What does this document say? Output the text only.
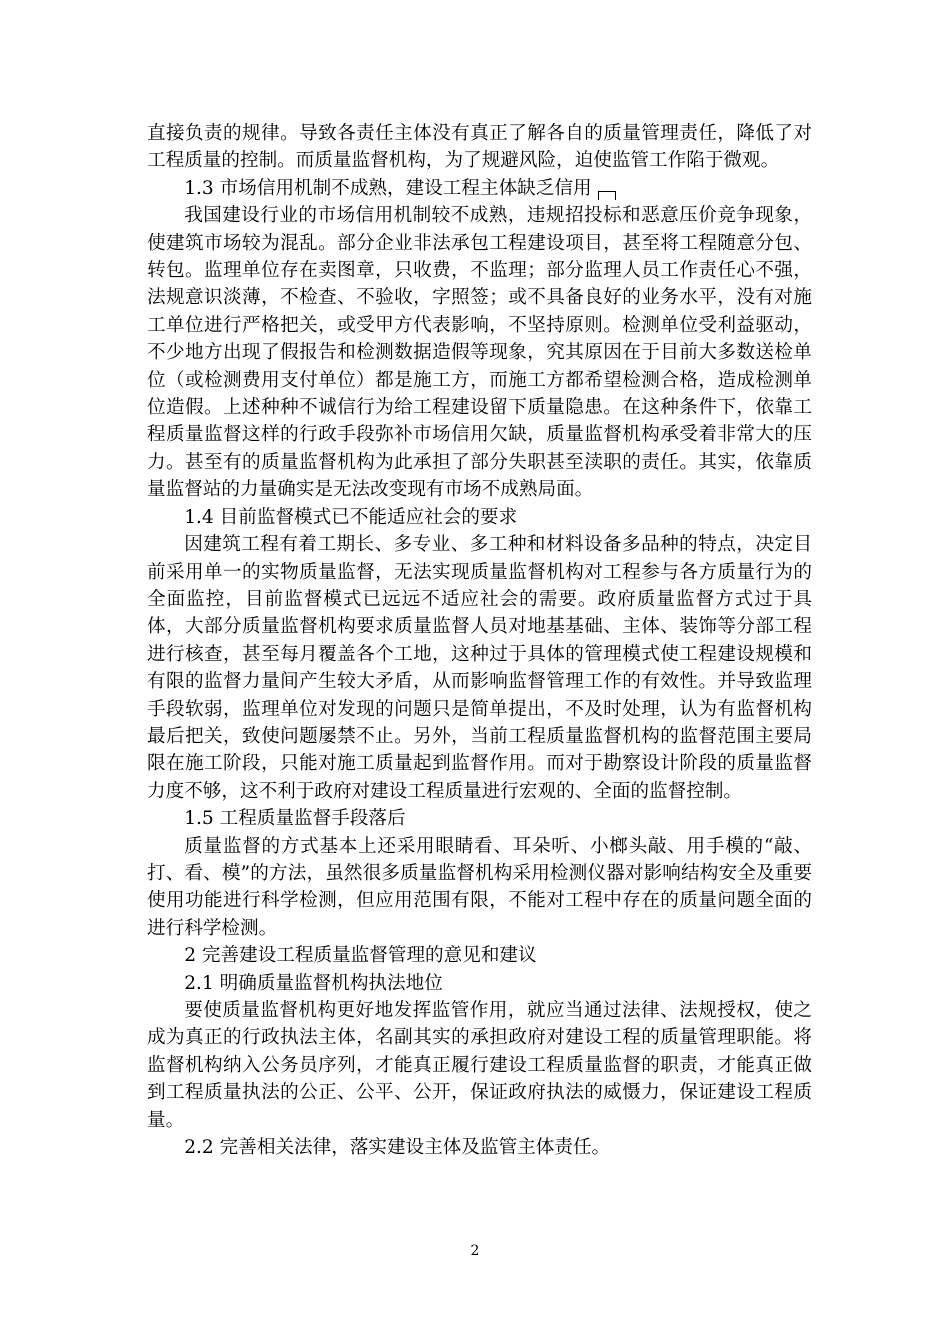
直接负责的规律。导致各责任主体没有真正了解各自的质量管理责任，降低了对工程质量的控制。而质量监督机构，为了规避风险，迫使监管工作陷于微观。

1.3 市场信用机制不成熟，建设工程主体缺乏信用

我国建设行业的市场信用机制较不成熟，违规招投标和恶意压价竞争现象，使建筑市场较为混乱。部分企业非法承包工程建设项目，甚至将工程随意分包、转包。监理单位存在卖图章，只收费，不监理；部分监理人员工作责任心不强，法规意识淡薄，不检查、不验收，字照签；或不具备良好的业务水平，没有对施工单位进行严格把关，或受甲方代表影响，不坚持原则。检测单位受利益驱动，不少地方出现了假报告和检测数据造假等现象，究其原因在于目前大多数送检单位（或检测费用支付单位）都是施工方，而施工方都希望检测合格，造成检测单位造假。上述种种不诚信行为给工程建设留下质量隐患。在这种条件下，依靠工程质量监督这样的行政手段弥补市场信用欠缺，质量监督机构承受着非常大的压力。甚至有的质量监督机构为此承担了部分失职甚至渎职的责任。其实，依靠质量监督站的力量确实是无法改变现有市场不成熟局面。

1.4 目前监督模式已不能适应社会的要求

因建筑工程有着工期长、多专业、多工种和材料设备多品种的特点，决定目前采用单一的实物质量监督，无法实现质量监督机构对工程参与各方质量行为的全面监控，目前监督模式已远远不适应社会的需要。政府质量监督方式过于具体，大部分质量监督机构要求质量监督人员对地基基础、主体、装饰等分部工程进行核查，甚至每月覆盖各个工地，这种过于具体的管理模式使工程建设规模和有限的监督力量间产生较大矛盾，从而影响监督管理工作的有效性。并导致监理手段软弱，监理单位对发现的问题只是简单提出，不及时处理，认为有监督机构最后把关，致使问题屡禁不止。另外，当前工程质量监督机构的监督范围主要局限在施工阶段，只能对施工质量起到监督作用。而对于勘察设计阶段的质量监督力度不够，这不利于政府对建设工程质量进行宏观的、全面的监督控制。

1.5 工程质量监督手段落后

质量监督的方式基本上还采用眼睛看、耳朵听、小榔头敲、用手模的“敲、打、看、模”的方法，虽然很多质量监督机构采用检测仪器对影响结构安全及重要使用功能进行科学检测，但应用范围有限，不能对工程中存在的质量问题全面的进行科学检测。

2 完善建设工程质量监督管理的意见和建议

2.1 明确质量监督机构执法地位

要使质量监督机构更好地发挥监管作用，就应当通过法律、法规授权，使之成为真正的行政执法主体，名副其实的承担政府对建设工程的质量管理职能。将监督机构纳入公务员序列，才能真正履行建设工程质量监督的职责，才能真正做到工程质量执法的公正、公平、公开，保证政府执法的威慑力，保证建设工程质量。

2.2 完善相关法律，落实建设主体及监管主体责任。

2
